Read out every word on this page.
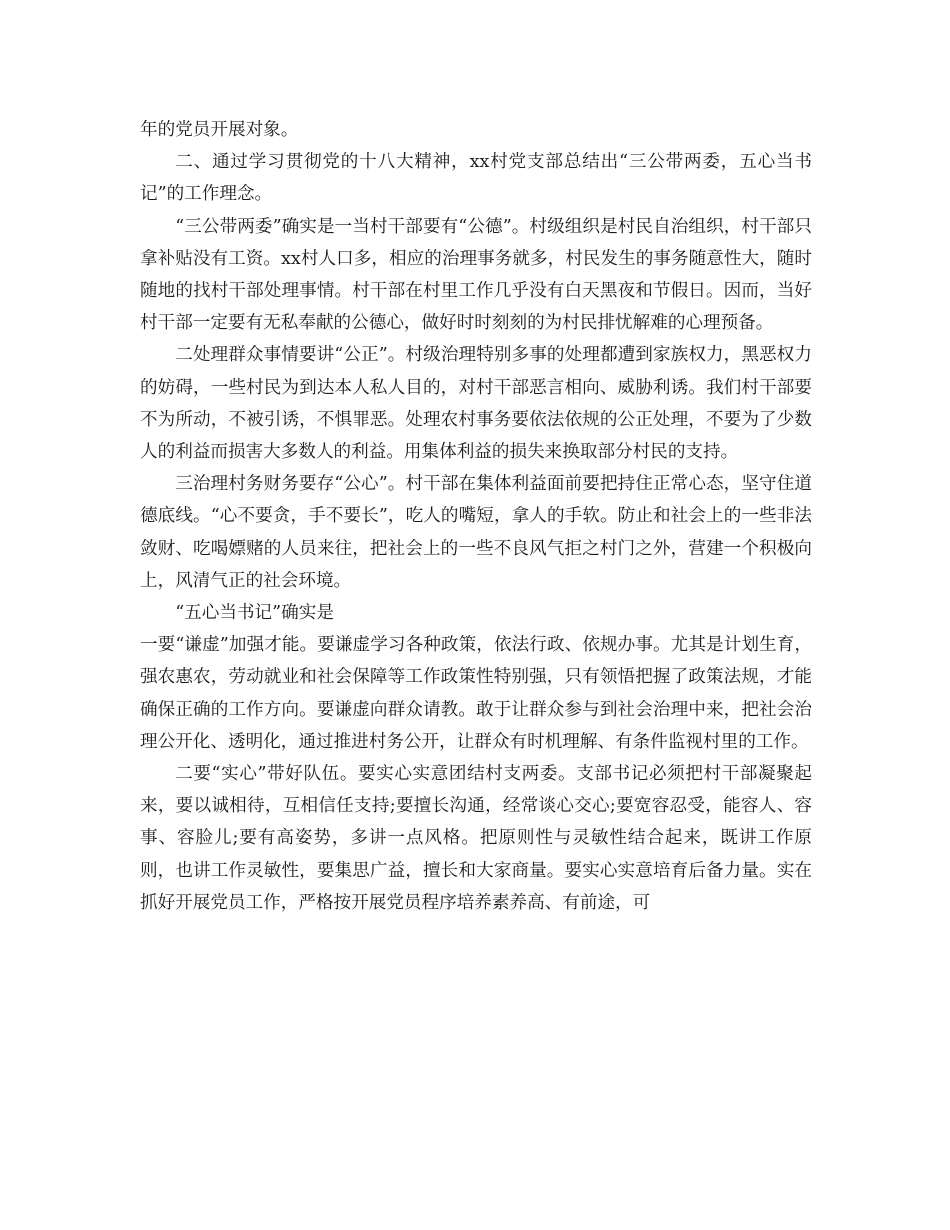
年的党员开展对象。

二、通过学习贯彻党的十八大精神，xx村党支部总结出“三公带两委，五心当书记”的工作理念。

“三公带两委”确实是一当村干部要有“公德”。村级组织是村民自治组织，村干部只拿补贴没有工资。xx村人口多，相应的治理事务就多，村民发生的事务随意性大，随时随地的找村干部处理事情。村干部在村里工作几乎没有白天黑夜和节假日。因而，当好村干部一定要有无私奉献的公德心，做好时时刻刻的为村民排忧解难的心理预备。

二处理群众事情要讲“公正”。村级治理特别多事的处理都遭到家族权力，黑恶权力的妨碍，一些村民为到达本人私人目的，对村干部恶言相向、威胁利诱。我们村干部要不为所动，不被引诱，不惧罪恶。处理农村事务要依法依规的公正处理，不要为了少数人的利益而损害大多数人的利益。用集体利益的损失来换取部分村民的支持。

三治理村务财务要存“公心”。村干部在集体利益面前要把持住正常心态，坚守住道德底线。“心不要贪，手不要长”，吃人的嘴短，拿人的手软。防止和社会上的一些非法敛财、吃喝嫖赌的人员来往，把社会上的一些不良风气拒之村门之外，营建一个积极向上，风清气正的社会环境。

“五心当书记”确实是

一要“谦虚”加强才能。要谦虚学习各种政策，依法行政、依规办事。尤其是计划生育，强农惠农，劳动就业和社会保障等工作政策性特别强，只有领悟把握了政策法规，才能确保正确的工作方向。要谦虚向群众请教。敢于让群众参与到社会治理中来，把社会治理公开化、透明化，通过推进村务公开，让群众有时机理解、有条件监视村里的工作。

二要“实心”带好队伍。要实心实意团结村支两委。支部书记必须把村干部凝聚起来，要以诚相待，互相信任支持;要擅长沟通，经常谈心交心;要宽容忍受，能容人、容事、容脸儿;要有高姿势，多讲一点风格。把原则性与灵敏性结合起来，既讲工作原则，也讲工作灵敏性，要集思广益，擅长和大家商量。要实心实意培育后备力量。实在抓好开展党员工作，严格按开展党员程序培养素养高、有前途，可
